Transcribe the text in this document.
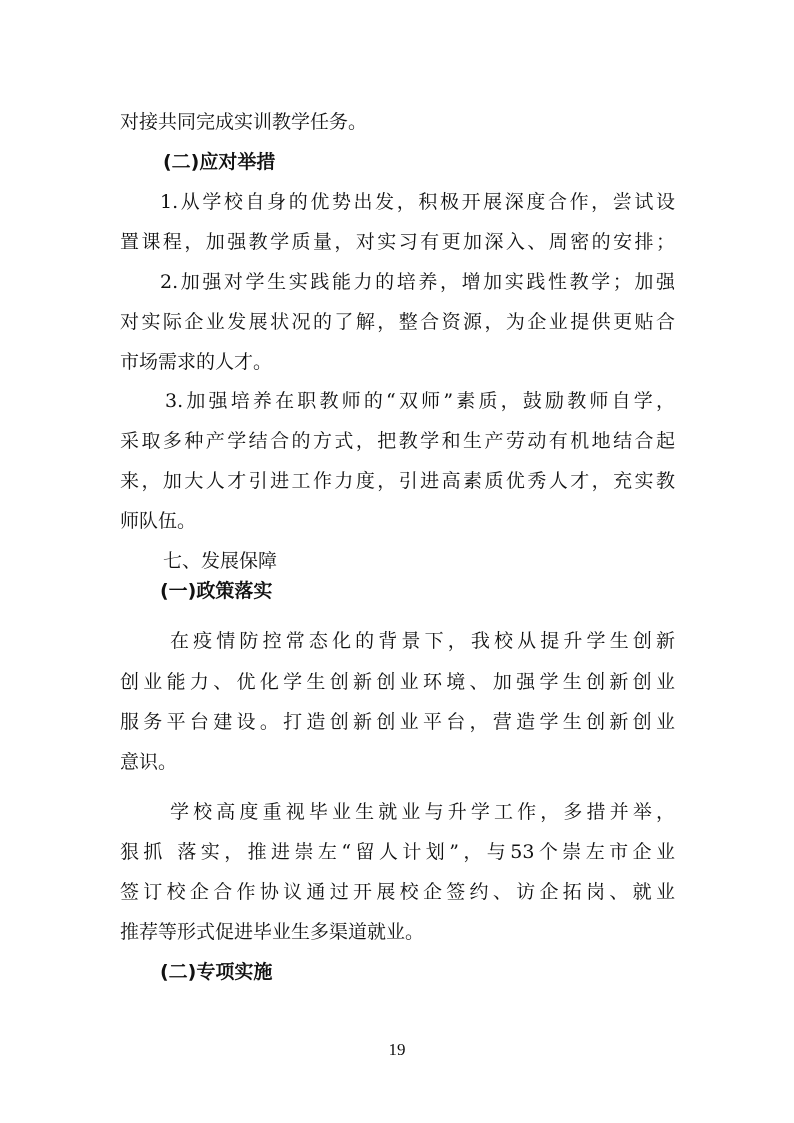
对接共同完成实训教学任务。
(二)应对举措
1.从学校自身的优势出发，积极开展深度合作，尝试设
置课程，加强教学质量，对实习有更加深入、周密的安排；
2.加强对学生实践能力的培养，增加实践性教学；加强
对实际企业发展状况的了解，整合资源，为企业提供更贴合
市场需求的人才。
3.加强培养在职教师的“双师”素质，鼓励教师自学，
采取多种产学结合的方式，把教学和生产劳动有机地结合起
来，加大人才引进工作力度，引进高素质优秀人才，充实教
师队伍。
七、发展保障
(一)政策落实
在疫情防控常态化的背景下，我校从提升学生创新
创业能力、优化学生创新创业环境、加强学生创新创业
服务平台建设。打造创新创业平台，营造学生创新创业
意识。
学校高度重视毕业生就业与升学工作，多措并举，
狠抓 落实，推进崇左“留人计划”，与53个崇左市企业
签订校企合作协议通过开展校企签约、访企拓岗、就业
推荐等形式促进毕业生多渠道就业。
(二)专项实施
19
